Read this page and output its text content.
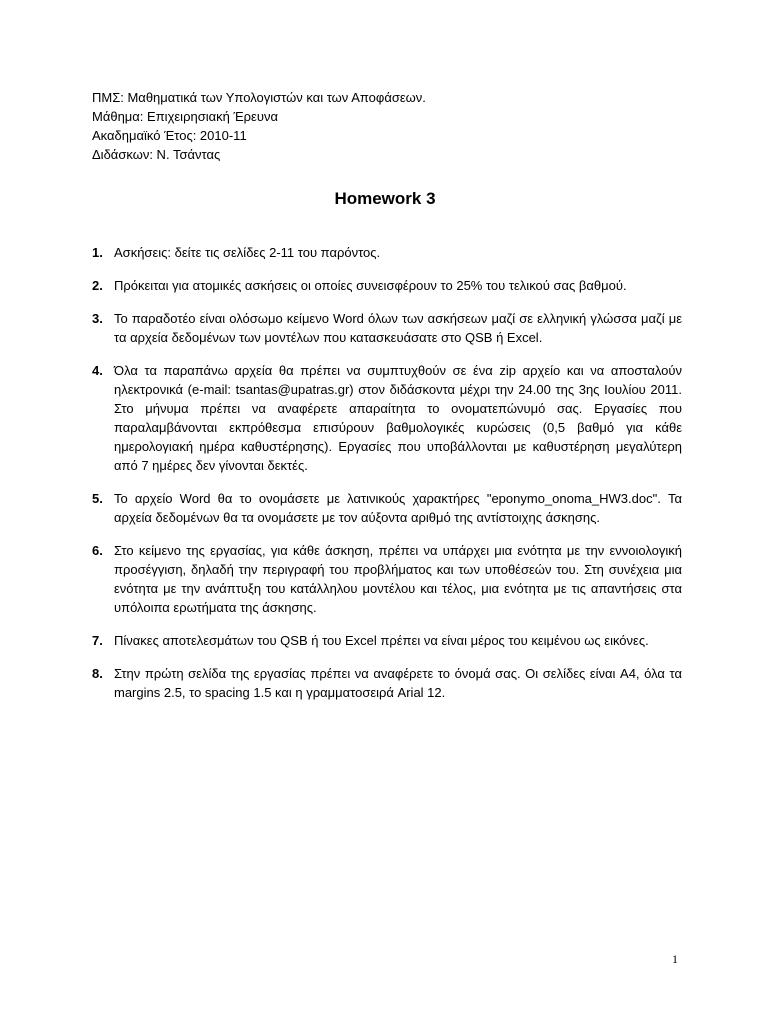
ΠΜΣ: Μαθηματικά των Υπολογιστών και των Αποφάσεων.
Μάθημα: Επιχειρησιακή Έρευνα
Ακαδημαϊκό Έτος: 2010-11
Διδάσκων: Ν. Τσάντας
Homework 3
1. Ασκήσεις: δείτε τις σελίδες 2-11 του παρόντος.
2. Πρόκειται για ατομικές ασκήσεις οι οποίες συνεισφέρουν το 25% του τελικού σας βαθμού.
3. Το παραδοτέο είναι ολόσωμο κείμενο Word όλων των ασκήσεων μαζί σε ελληνική γλώσσα μαζί με τα αρχεία δεδομένων των μοντέλων που κατασκευάσατε στο QSB ή Excel.
4. Όλα τα παραπάνω αρχεία θα πρέπει να συμπτυχθούν σε ένα zip αρχείο και να αποσταλούν ηλεκτρονικά (e-mail: tsantas@upatras.gr) στον διδάσκοντα μέχρι την 24.00 της 3ης Ιουλίου 2011. Στο μήνυμα πρέπει να αναφέρετε απαραίτητα το ονοματεπώνυμό σας. Εργασίες που παραλαμβάνονται εκπρόθεσμα επισύρουν βαθμολογικές κυρώσεις (0,5 βαθμό για κάθε ημερολογιακή ημέρα καθυστέρησης). Εργασίες που υποβάλλονται με καθυστέρηση μεγαλύτερη από 7 ημέρες δεν γίνονται δεκτές.
5. Το αρχείο Word θα το ονομάσετε με λατινικούς χαρακτήρες "eponymo_onoma_HW3.doc". Τα αρχεία δεδομένων θα τα ονομάσετε με τον αύξοντα αριθμό της αντίστοιχης άσκησης.
6. Στο κείμενο της εργασίας, για κάθε άσκηση, πρέπει να υπάρχει μια ενότητα με την εννοιολογική προσέγγιση, δηλαδή την περιγραφή του προβλήματος και των υποθέσεών του. Στη συνέχεια μια ενότητα με την ανάπτυξη του κατάλληλου μοντέλου και τέλος, μια ενότητα με τις απαντήσεις στα υπόλοιπα ερωτήματα της άσκησης.
7. Πίνακες αποτελεσμάτων του QSB ή του Excel πρέπει να είναι μέρος του κειμένου ως εικόνες.
8. Στην πρώτη σελίδα της εργασίας πρέπει να αναφέρετε το όνομά σας. Οι σελίδες είναι A4, όλα τα margins 2.5, το spacing 1.5 και η γραμματοσειρά Arial 12.
1
